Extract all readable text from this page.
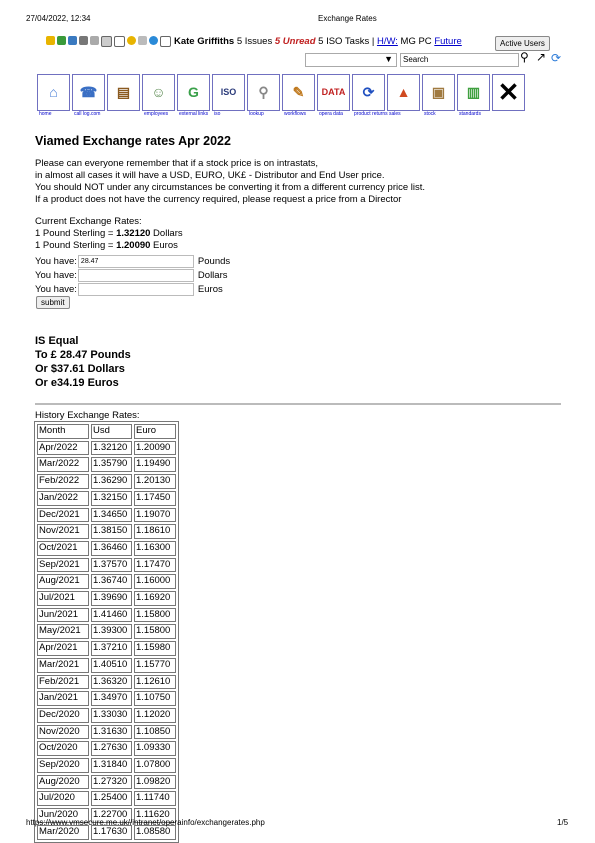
27/04/2022, 12:34	Exchange Rates
Kate Griffiths
5 Issues
5 Unread
5 ISO Tasks
|
H/W:
MG PC
Future	Active Users
▼	Search	⚲ ↗ ⟳
⌂
home
☎
call log.com
▤	☺
employees
G
external links
ISO
iso
⚲
lookup
✎
workflows
DATA
opera data
⟳
product returns
▲
sales
▣
stock
▥
standards
✕
Viamed Exchange rates Apr 2022
Please can everyone remember that if a stock price is on intrastats,
in almost all cases it will have a USD, EURO, UK£ - Distributor and End User price.
You should NOT under any circumstances be converting it from a different currency price list.
If a product does not have the currency required, please request a price from a Director
Current Exchange Rates:
1 Pound Sterling = 1.32120 Dollars
1 Pound Sterling = 1.20090 Euros
You have: 28.47	Pounds
You have:	Dollars
You have:	Euros
submit
IS Equal
To £ 28.47 Pounds
Or $37.61 Dollars
Or e34.19 Euros
History Exchange Rates:
Month	Usd	Euro
Apr/2022	1.32120	1.20090
Mar/2022	1.35790	1.19490
Feb/2022	1.36290	1.20130
Jan/2022	1.32150	1.17450
Dec/2021	1.34650	1.19070
Nov/2021	1.38150	1.18610
Oct/2021	1.36460	1.16300
Sep/2021	1.37570	1.17470
Aug/2021	1.36740	1.16000
Jul/2021	1.39690	1.16920
Jun/2021	1.41460	1.15800
May/2021	1.39300	1.15800
Apr/2021	1.37210	1.15980
Mar/2021	1.40510	1.15770
Feb/2021	1.36320	1.12610
Jan/2021	1.34970	1.10750
Dec/2020	1.33030	1.12020
Nov/2020	1.31630	1.10850
Oct/2020	1.27630	1.09330
Sep/2020	1.31840	1.07800
Aug/2020	1.27320	1.09820
Jul/2020	1.25400	1.11740
Jun/2020	1.22700	1.11620
Mar/2020	1.17630	1.08580
https://www.vmsecure.me.uk//intranet/operainfo/exchangerates.php	1/5
